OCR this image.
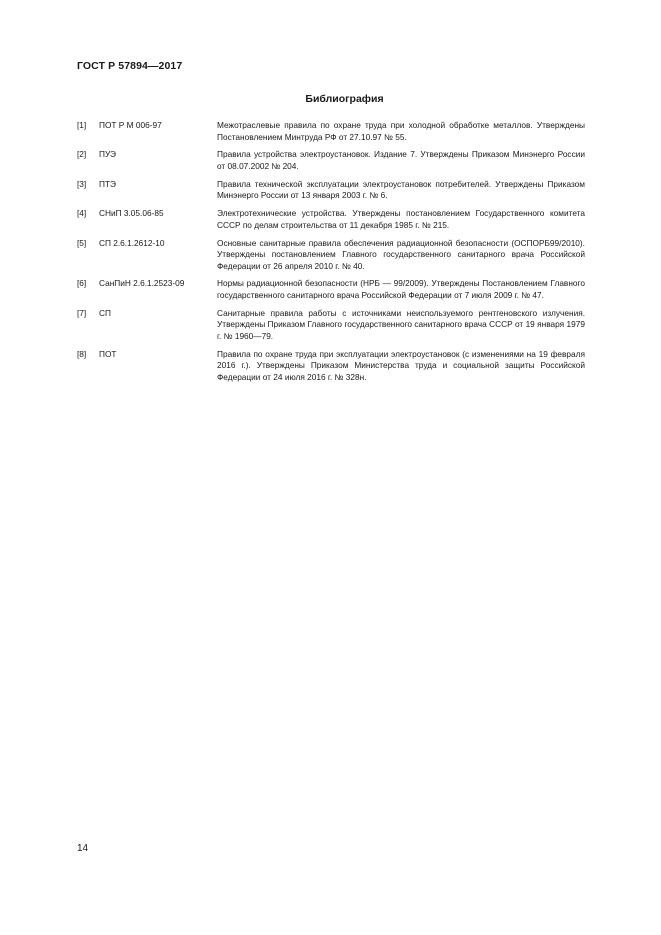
ГОСТ Р 57894—2017
Библиография
[1]	ПОТ Р М 006-97	Межотраслевые правила по охране труда при холодной обработке металлов. Утверждены Постановлением Минтруда РФ от 27.10.97 № 55.
[2]	ПУЭ	Правила устройства электроустановок. Издание 7. Утверждены Приказом Минэнерго России от 08.07.2002 № 204.
[3]	ПТЭ	Правила технической эксплуатации электроустановок потребителей. Утверждены Приказом Минэнерго России от 13 января 2003 г. № 6.
[4]	СНиП 3.05.06-85	Электротехнические устройства. Утверждены постановлением Государственного комитета СССР по делам строительства от 11 декабря 1985 г. № 215.
[5]	СП 2.6.1.2612-10	Основные санитарные правила обеспечения радиационной безопасности (ОСПОРБ99/2010). Утверждены постановлением Главного государственного санитарного врача Российской Федерации от 26 апреля 2010 г. № 40.
[6]	СанПиН 2.6.1.2523-09	Нормы радиационной безопасности (НРБ — 99/2009). Утверждены Постановлением Главного государственного санитарного врача Российской Федерации от 7 июля 2009 г. № 47.
[7]	СП	Санитарные правила работы с источниками неиспользуемого рентгеновского излучения. Утверждены Приказом Главного государственного санитарного врача СССР от 19 января 1979 г. № 1960—79.
[8]	ПОТ	Правила по охране труда при эксплуатации электроустановок (с изменениями на 19 февраля 2016 г.). Утверждены Приказом Министерства труда и социальной защиты Российской Федерации от 24 июля 2016 г. № 328н.
14
